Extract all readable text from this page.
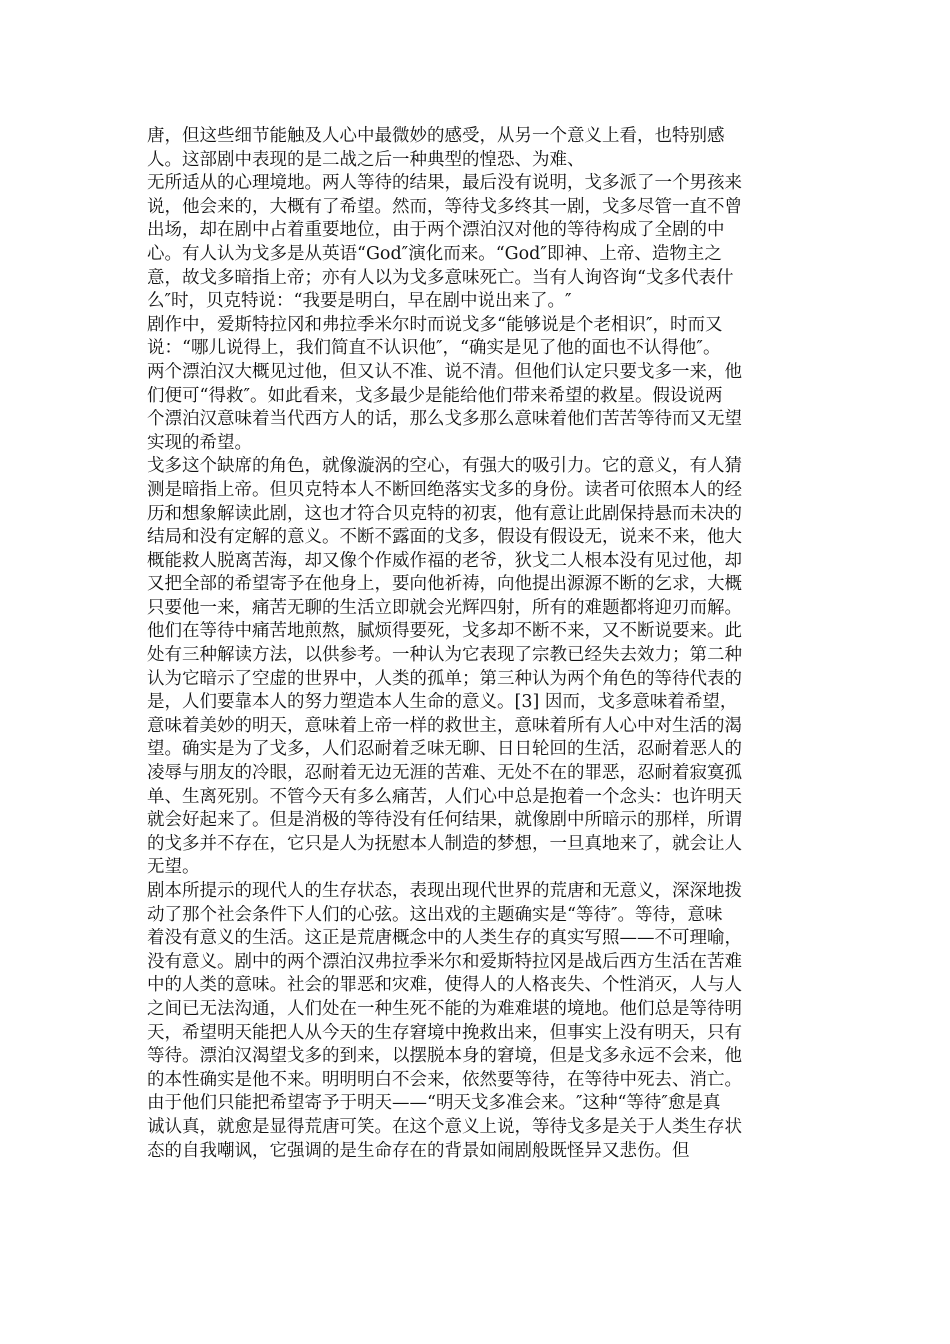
唐，但这些细节能触及人心中最微妙的感受，从另一个意义上看，也特别感
人。这部剧中表现的是二战之后一种典型的惶恐、为难、
无所适从的心理境地。两人等待的结果，最后没有说明，戈多派了一个男孩来
说，他会来的，大概有了希望。然而，等待戈多终其一剧，戈多尽管一直不曾
出场，却在剧中占着重要地位，由于两个漂泊汉对他的等待构成了全剧的中
心。有人认为戈多是从英语“God″演化而来。“God″即神、上帝、造物主之
意，故戈多暗指上帝；亦有人以为戈多意味死亡。当有人询咨询“戈多代表什
么″时，贝克特说：“我要是明白，早在剧中说出来了。″
剧作中，爱斯特拉冈和弗拉季米尔时而说戈多“能够说是个老相识″，时而又
说：“哪儿说得上，我们简直不认识他″，“确实是见了他的面也不认得他″。
两个漂泊汉大概见过他，但又认不准、说不清。但他们认定只要戈多一来，他
们便可“得救″。如此看来，戈多最少是能给他们带来希望的救星。假设说两
个漂泊汉意味着当代西方人的话，那么戈多那么意味着他们苦苦等待而又无望
实现的希望。
戈多这个缺席的角色，就像漩涡的空心，有强大的吸引力。它的意义，有人猜
测是暗指上帝。但贝克特本人不断回绝落实戈多的身份。读者可依照本人的经
历和想象解读此剧，这也才符合贝克特的初衷，他有意让此剧保持悬而未决的
结局和没有定解的意义。不断不露面的戈多，假设有假设无，说来不来，他大
概能救人脱离苦海，却又像个作威作福的老爷，狄戈二人根本没有见过他，却
又把全部的希望寄予在他身上，要向他祈祷，向他提出源源不断的乞求，大概
只要他一来，痛苦无聊的生活立即就会光辉四射，所有的难题都将迎刃而解。
他们在等待中痛苦地煎熬，腻烦得要死，戈多却不断不来，又不断说要来。此
处有三种解读方法，以供参考。一种认为它表现了宗教已经失去效力；第二种
认为它暗示了空虚的世界中，人类的孤单；第三种认为两个角色的等待代表的
是，人们要靠本人的努力塑造本人生命的意义。[3] 因而，戈多意味着希望，
意味着美妙的明天，意味着上帝一样的救世主，意味着所有人心中对生活的渴
望。确实是为了戈多，人们忍耐着乏味无聊、日日轮回的生活，忍耐着恶人的
凌辱与朋友的冷眼，忍耐着无边无涯的苦难、无处不在的罪恶，忍耐着寂寞孤
单、生离死别。不管今天有多么痛苦，人们心中总是抱着一个念头：也许明天
就会好起来了。但是消极的等待没有任何结果，就像剧中所暗示的那样，所谓
的戈多并不存在，它只是人为抚慰本人制造的梦想，一旦真地来了，就会让人
无望。
剧本所提示的现代人的生存状态，表现出现代世界的荒唐和无意义，深深地拨
动了那个社会条件下人们的心弦。这出戏的主题确实是“等待″。等待，意味
着没有意义的生活。这正是荒唐概念中的人类生存的真实写照——不可理喻，
没有意义。剧中的两个漂泊汉弗拉季米尔和爱斯特拉冈是战后西方生活在苦难
中的人类的意味。社会的罪恶和灾难，使得人的人格丧失、个性消灭，人与人
之间已无法沟通，人们处在一种生死不能的为难难堪的境地。他们总是等待明
天，希望明天能把人从今天的生存窘境中挽救出来，但事实上没有明天，只有
等待。漂泊汉渴望戈多的到来，以摆脱本身的窘境，但是戈多永远不会来，他
的本性确实是他不来。明明明白不会来，依然要等待，在等待中死去、消亡。
由于他们只能把希望寄予于明天——“明天戈多准会来。″这种“等待″愈是真
诚认真，就愈是显得荒唐可笑。在这个意义上说，等待戈多是关于人类生存状
态的自我嘲讽，它强调的是生命存在的背景如闹剧般既怪异又悲伤。但
